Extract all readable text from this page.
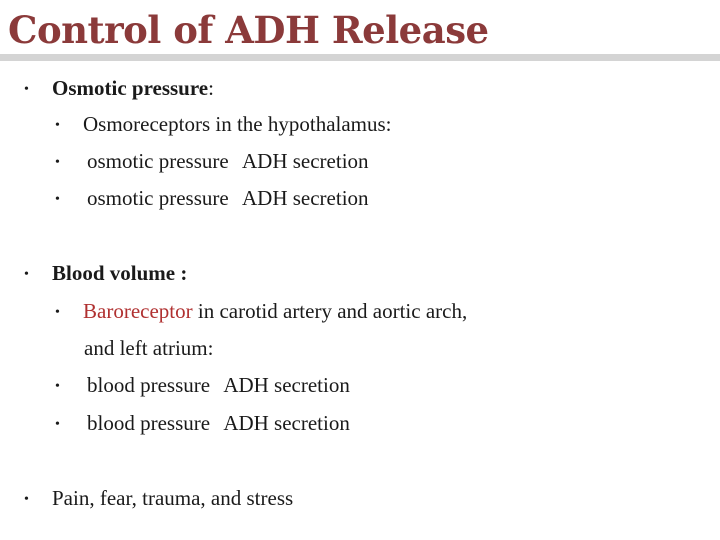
Control of ADH Release
• Osmotic pressure:
• Osmoreceptors in the hypothalamus:
• osmotic pressure ADH secretion
• osmotic pressure ADH secretion
• Blood volume :
• Baroreceptor in carotid artery and aortic arch,
and left atrium:
• blood pressure ADH secretion
• blood pressure ADH secretion
• Pain, fear, trauma, and stress
